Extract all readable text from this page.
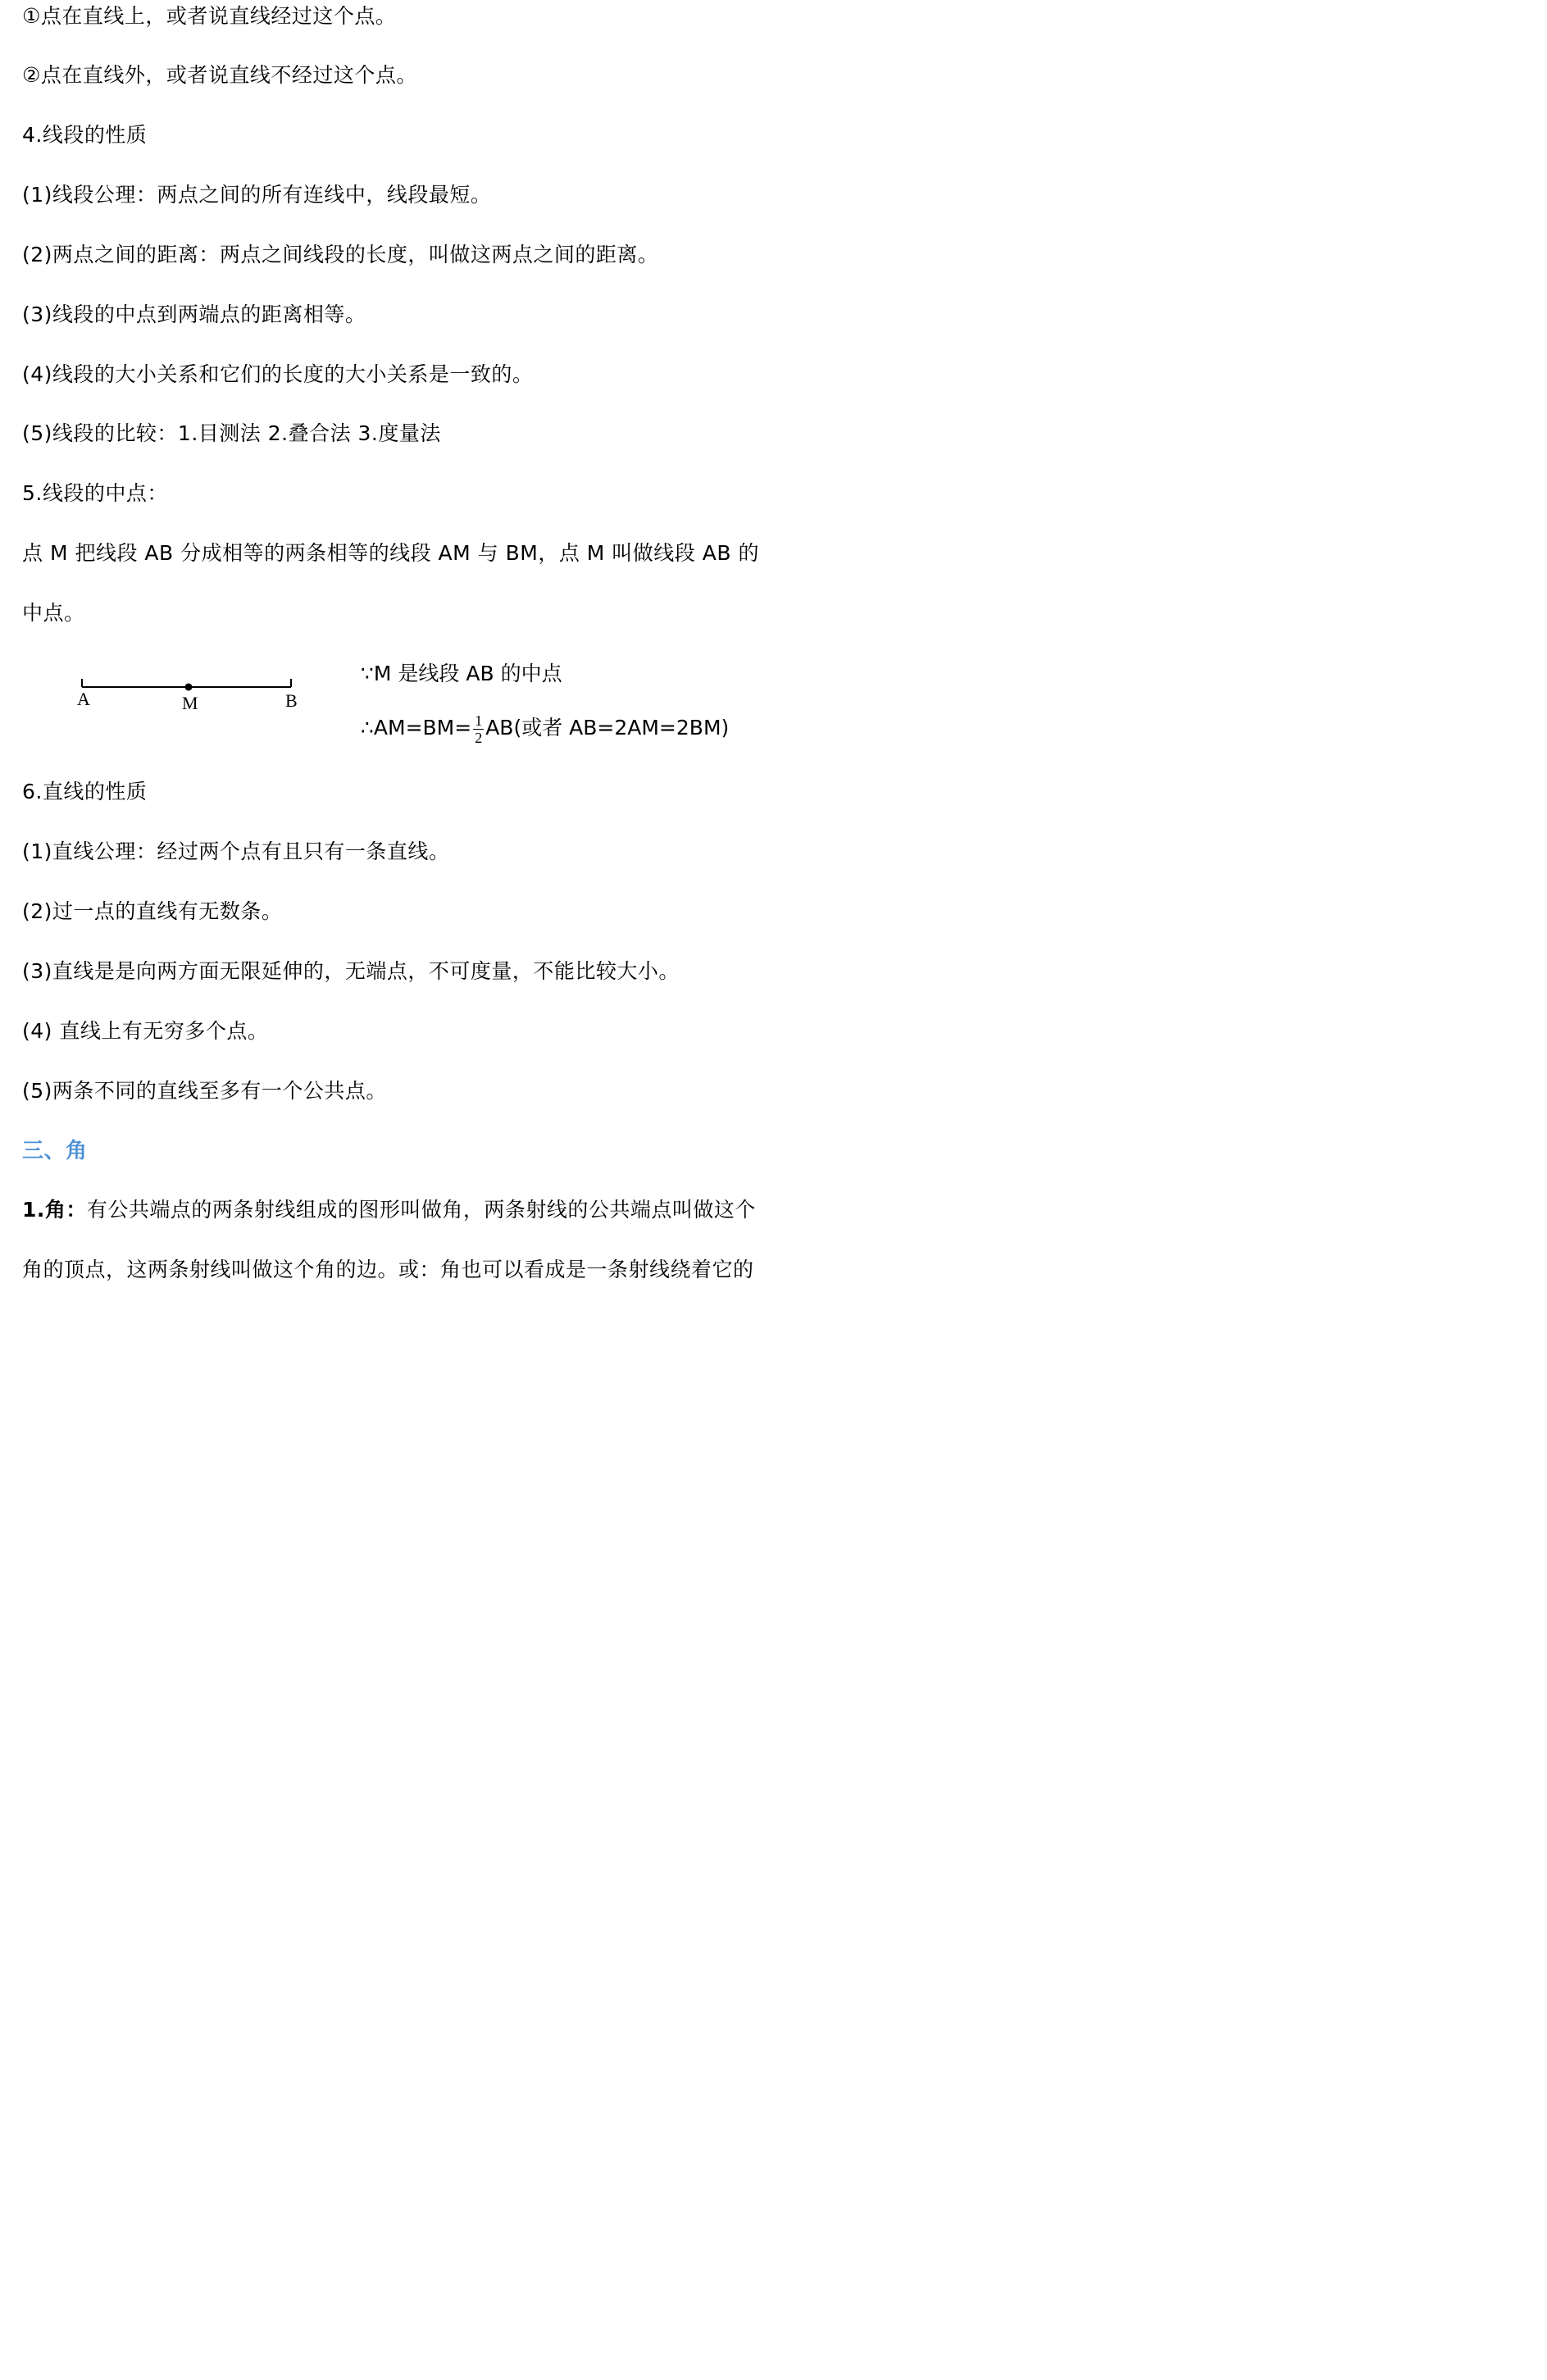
①点在直线上，或者说直线经过这个点。

②点在直线外，或者说直线不经过这个点。

4.线段的性质

(1)线段公理：两点之间的所有连线中，线段最短。

(2)两点之间的距离：两点之间线段的长度，叫做这两点之间的距离。

(3)线段的中点到两端点的距离相等。

(4)线段的大小关系和它们的长度的大小关系是一致的。

(5)线段的比较：1.目测法 2.叠合法 3.度量法

5.线段的中点：

点 M 把线段 AB 分成相等的两条相等的线段 AM 与 BM，点 M 叫做线段 AB 的

中点。

A	M	B
∵M 是线段 AB 的中点
∴AM=BM= $\frac{1}{2} AB$(或者 AB=2AM=2BM)

6.直线的性质

(1)直线公理：经过两个点有且只有一条直线。

(2)过一点的直线有无数条。

(3)直线是是向两方面无限延伸的，无端点，不可度量，不能比较大小。

(4) 直线上有无穷多个点。

(5)两条不同的直线至多有一个公共点。

三、角

1.角：有公共端点的两条射线组成的图形叫做角，两条射线的公共端点叫做这个

角的顶点，这两条射线叫做这个角的边。或：角也可以看成是一条射线绕着它的
